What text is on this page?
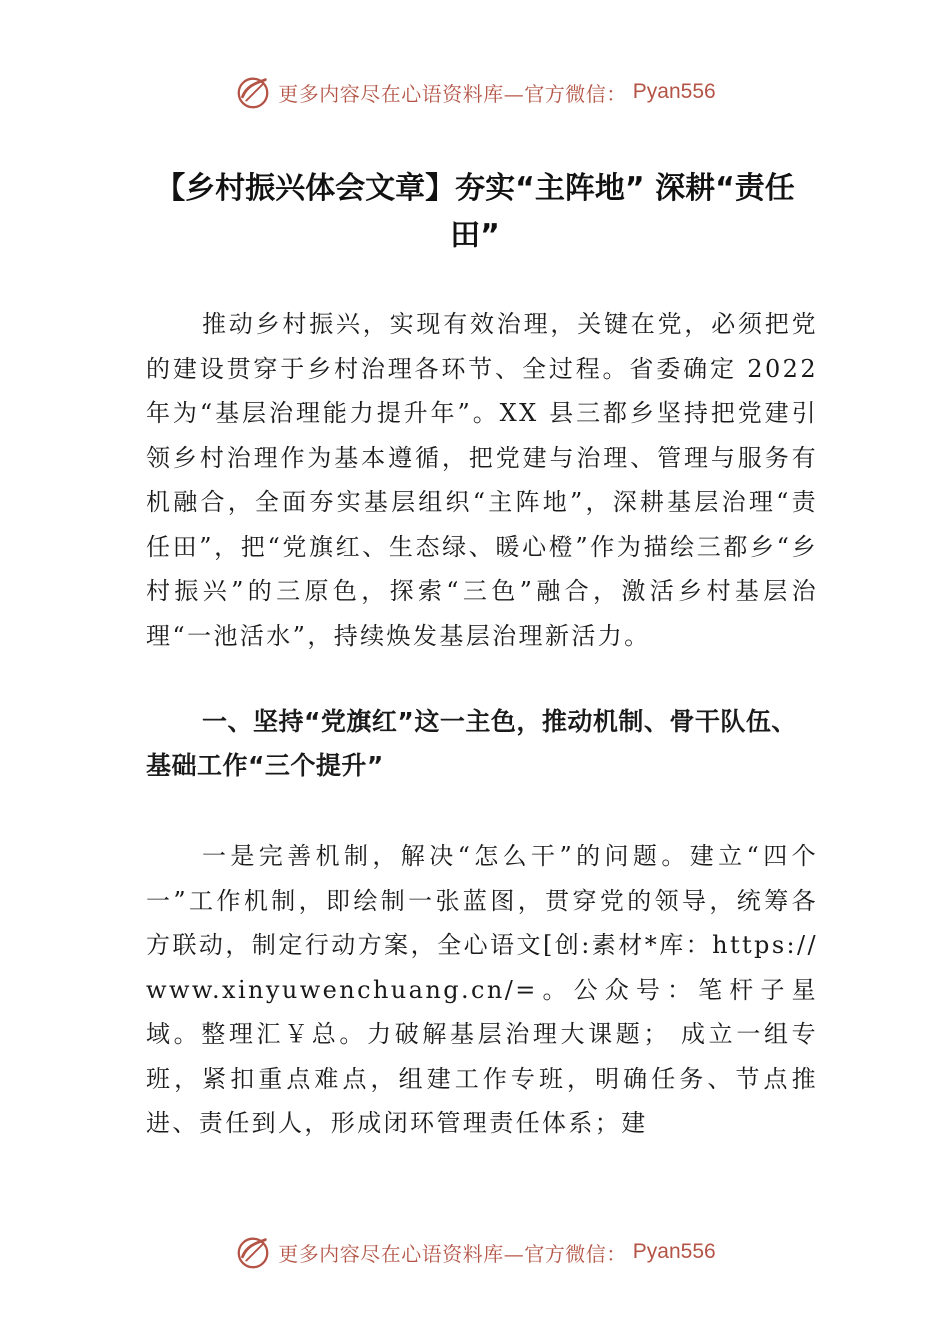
更多内容尽在心语资料库—官方微信： Pyan556
【乡村振兴体会文章】夯实“主阵地” 深耕“责任田”

推动乡村振兴，实现有效治理，关键在党，必须把党的建设贯穿于乡村治理各环节、全过程。省委确定 2022 年为“基层治理能力提升年”。XX 县三都乡坚持把党建引领乡村治理作为基本遵循，把党建与治理、管理与服务有机融合，全面夯实基层组织“主阵地”，深耕基层治理“责任田”，把“党旗红、生态绿、暖心橙”作为描绘三都乡“乡村振兴”的三原色，探索“三色”融合，激活乡村基层治理“一池活水”，持续焕发基层治理新活力。

一、坚持“党旗红”这一主色，推动机制、骨干队伍、基础工作“三个提升”

一是完善机制，解决“怎么干”的问题。建立“四个一”工作机制，即绘制一张蓝图，贯穿党的领导，统筹各方联动，制定行动方案，全心语文[创:素材*库：https://www.xinyuwenchuang.cn/=。公众号：笔杆子星域。整理汇￥总。力破解基层治理大课题； 成立一组专班，紧扣重点难点，组建工作专班，明确任务、节点推进、责任到人，形成闭环管理责任体系；建

更多内容尽在心语资料库—官方微信： Pyan556
